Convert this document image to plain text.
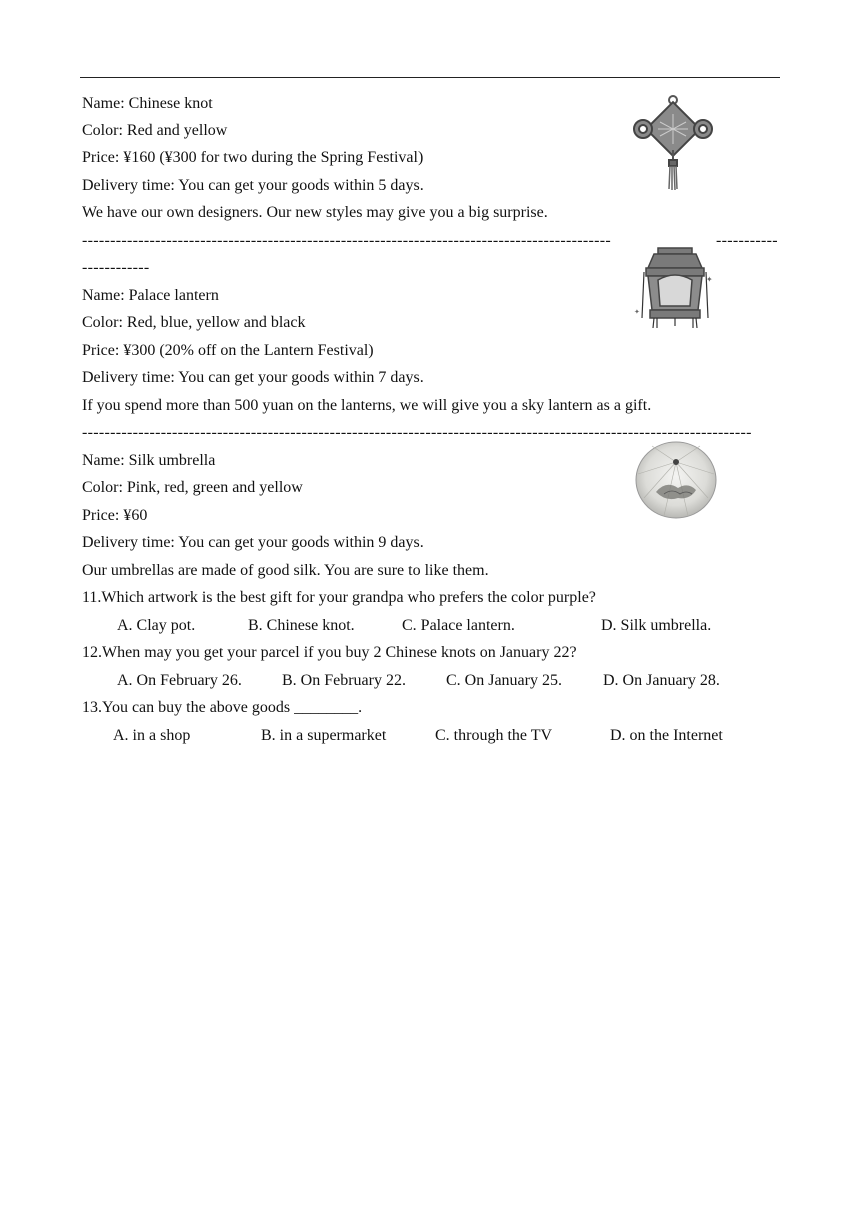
Name: Chinese knot
Color: Red and yellow
Price: ¥160 (¥300 for two during the Spring Festival)
Delivery time: You can get your goods within 5 days.
We have our own designers. Our new styles may give you a big surprise.
----------------------------------------------------------------------------------------------	-----------
------------
Name: Palace lantern
Color: Red, blue, yellow and black
Price: ¥300 (20% off on the Lantern Festival)
Delivery time: You can get your goods within 7 days.
If you spend more than 500 yuan on the lanterns, we will give you a sky lantern as a gift.
✦
✦
-----------------------------------------------------------------------------------------------------------------------
Name: Silk umbrella
Color: Pink, red, green and yellow
Price: ¥60
Delivery time: You can get your goods within 9 days.
Our umbrellas are made of good silk. You are sure to like them.
11.Which artwork is the best gift for your grandpa who prefers the color purple?
A. Clay pot.	B. Chinese knot.	C. Palace lantern.	D. Silk umbrella.
12.When may you get your parcel if you buy 2 Chinese knots on January 22?
A. On February 26.	B. On February 22.	C. On January 25.	D. On January 28.
13.You can buy the above goods ________.
A. in a shop	B. in a supermarket	C. through the TV	D. on the Internet
